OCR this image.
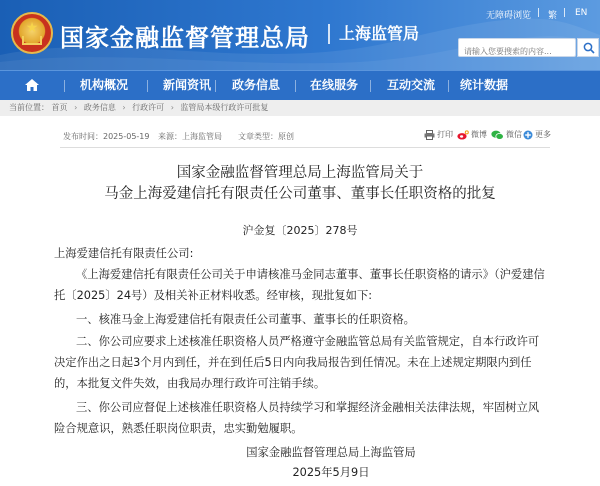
★ 国家金融监督管理总局	上海监管局
无障碍浏览 | 繁 | EN
请输入您要搜索的内容...
机构概况	新闻资讯 政务信息 在线服务 互动交流 统计数据
当前位置： 首页 › 政务信息 › 行政许可 › 监管局本级行政许可批复
发布时间：2025-05-19 来源：上海监管局 文章类型：原创	打印	微博	微信	更多
国家金融监督管理总局上海监管局关于
马金上海爱建信托有限责任公司董事、董事长任职资格的批复
沪金复〔2025〕278号
上海爱建信托有限责任公司:
《上海爱建信托有限责任公司关于申请核准马金同志董事、董事长任职资格的请示》（沪爱建信托〔2025〕24号）及相关补正材料收悉。经审核，现批复如下:
一、核准马金上海爱建信托有限责任公司董事、董事长的任职资格。
二、你公司应要求上述核准任职资格人员严格遵守金融监管总局有关监管规定，自本行政许可决定作出之日起3个月内到任，并在到任后5日内向我局报告到任情况。未在上述规定期限内到任的，本批复文件失效，由我局办理行政许可注销手续。
三、你公司应督促上述核准任职资格人员持续学习和掌握经济金融相关法律法规，牢固树立风险合规意识，熟悉任职岗位职责，忠实勤勉履职。
国家金融监督管理总局上海监管局
2025年5月9日
